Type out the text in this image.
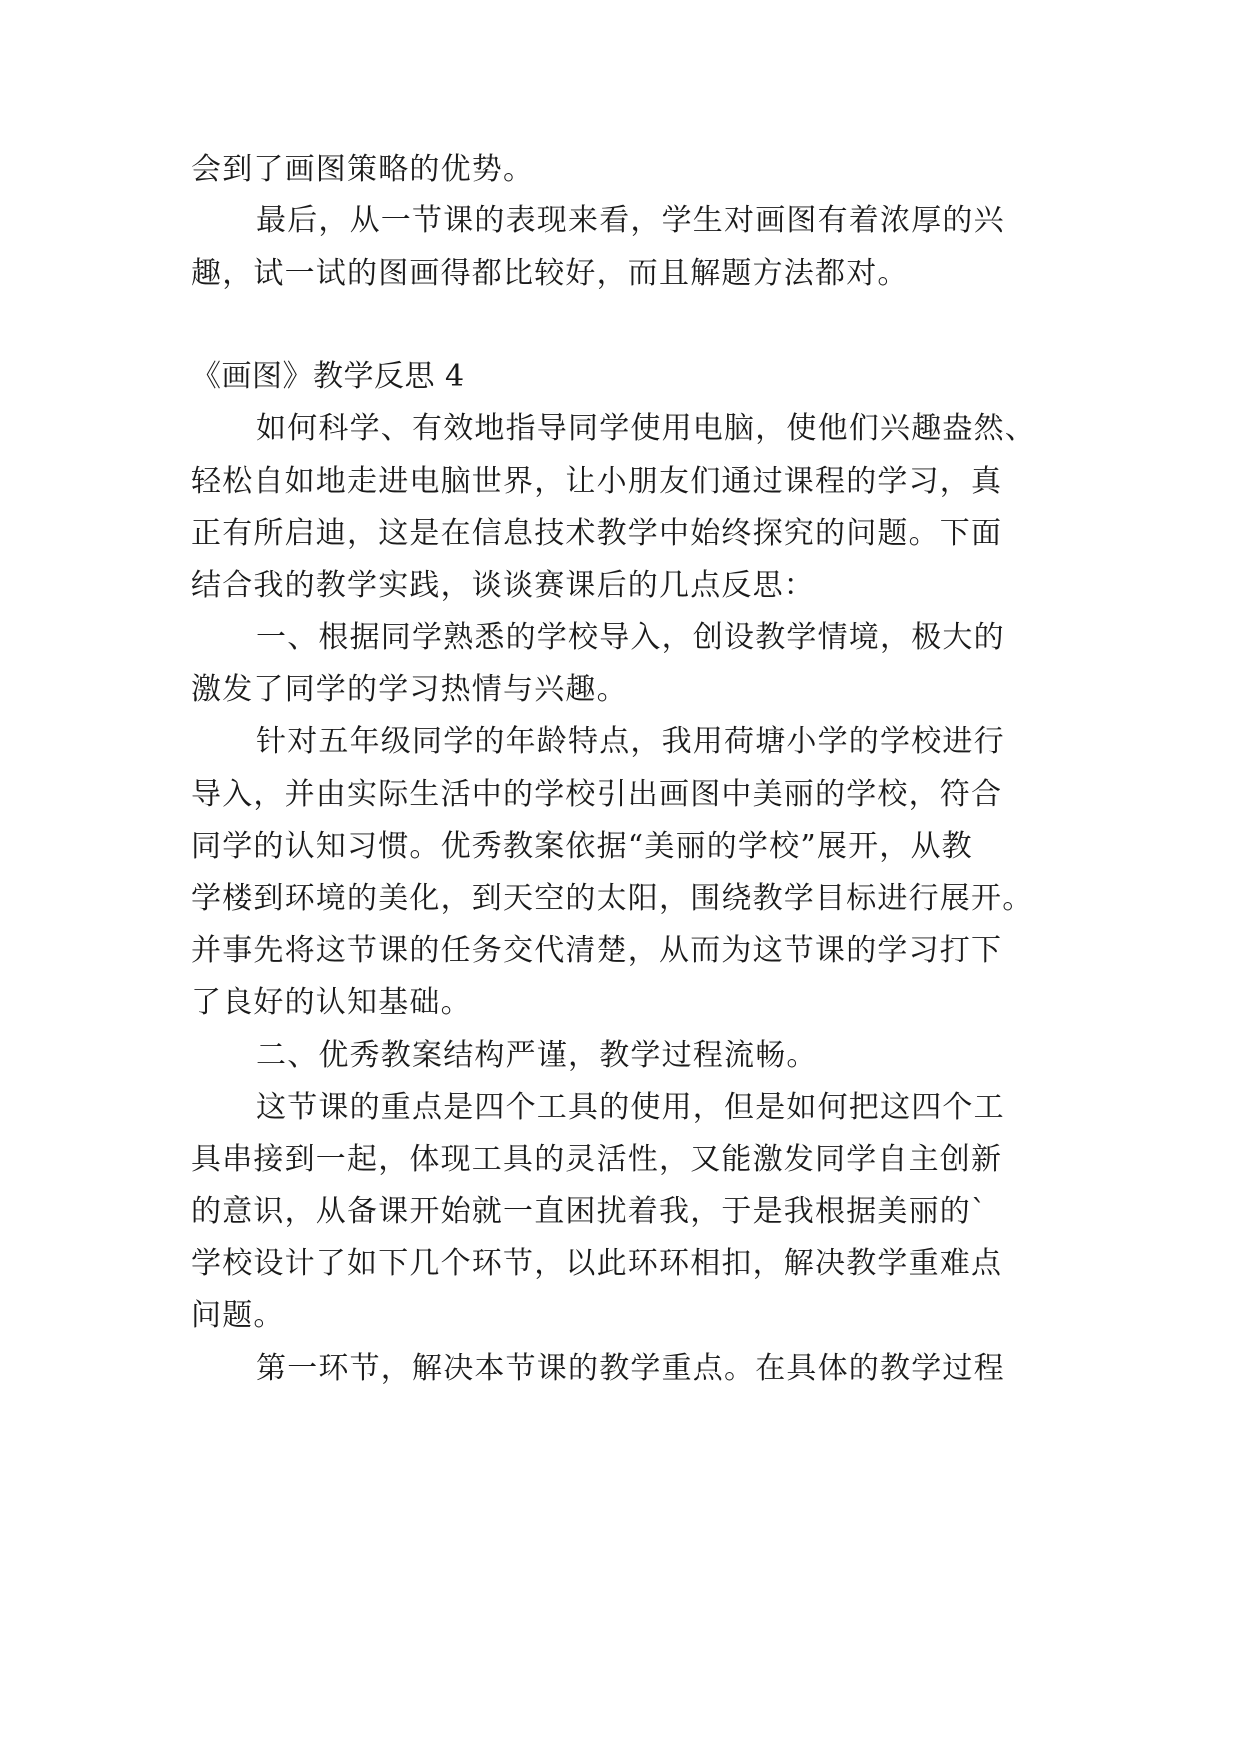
会到了画图策略的优势。
最后，从一节课的表现来看，学生对画图有着浓厚的兴
趣，试一试的图画得都比较好，而且解题方法都对。
《画图》教学反思 4
如何科学、有效地指导同学使用电脑，使他们兴趣盎然、
轻松自如地走进电脑世界，让小朋友们通过课程的学习，真
正有所启迪，这是在信息技术教学中始终探究的问题。下面
结合我的教学实践，谈谈赛课后的几点反思：
一、根据同学熟悉的学校导入，创设教学情境，极大的
激发了同学的学习热情与兴趣。
针对五年级同学的年龄特点，我用荷塘小学的学校进行
导入，并由实际生活中的学校引出画图中美丽的学校，符合
同学的认知习惯。优秀教案依据“美丽的学校”展开，从教
学楼到环境的美化，到天空的太阳，围绕教学目标进行展开。
并事先将这节课的任务交代清楚，从而为这节课的学习打下
了良好的认知基础。
二、优秀教案结构严谨，教学过程流畅。
这节课的重点是四个工具的使用，但是如何把这四个工
具串接到一起，体现工具的灵活性，又能激发同学自主创新
的意识，从备课开始就一直困扰着我，于是我根据美丽的`
学校设计了如下几个环节，以此环环相扣，解决教学重难点
问题。
第一环节，解决本节课的教学重点。在具体的教学过程
